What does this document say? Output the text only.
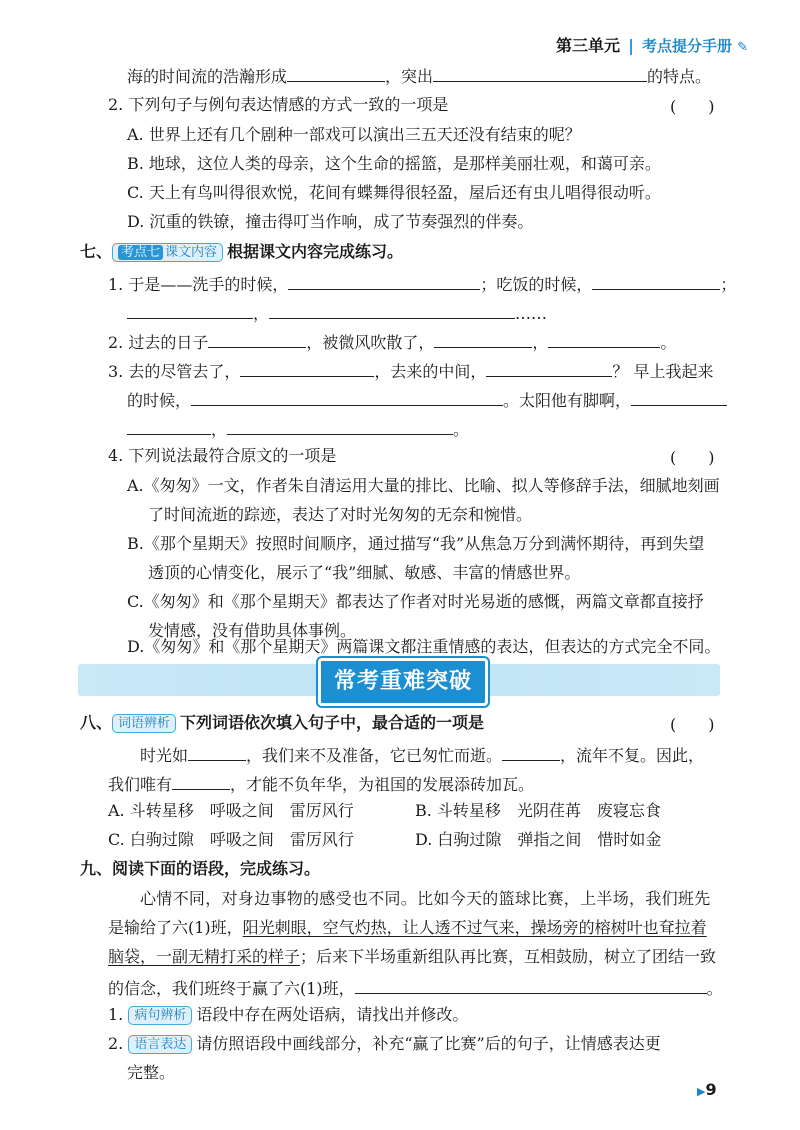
第三单元 | 考点提分手册 ✎
海的时间流的浩瀚形成	，突出	的特点。
2. 下列句子与例句表达情感的方式一致的一项是	(　　)
A. 世界上还有几个剧种一部戏可以演出三五天还没有结束的呢？
B. 地球，这位人类的母亲，这个生命的摇篮，是那样美丽壮观，和蔼可亲。
C. 天上有鸟叫得很欢悦，花间有蝶舞得很轻盈，屋后还有虫儿唱得很动听。
D. 沉重的铁镣，撞击得叮当作响，成了节奏强烈的伴奏。
七、 考点七 课文内容 根据课文内容完成练习。
1. 于是——洗手的时候，	；吃饭的时候，	；
，	……
2. 过去的日子	，被微风吹散了，	，	。
3. 去的尽管去了，	，去来的中间，	？ 早上我起来
的时候，	。太阳他有脚啊，
，	。
4. 下列说法最符合原文的一项是	(　　)
A.《匆匆》一文，作者朱自清运用大量的排比、比喻、拟人等修辞手法，细腻地刻画
了时间流逝的踪迹，表达了对时光匆匆的无奈和惋惜。
B.《那个星期天》按照时间顺序，通过描写“我”从焦急万分到满怀期待，再到失望
透顶的心情变化，展示了“我”细腻、敏感、丰富的情感世界。
C.《匆匆》和《那个星期天》都表达了作者对时光易逝的感慨，两篇文章都直接抒
发情感，没有借助具体事例。
D.《匆匆》和《那个星期天》两篇课文都注重情感的表达，但表达的方式完全不同。
常考重难突破
八、 词语辨析 下列词语依次填入句子中，最合适的一项是	(　　)
时光如	，我们来不及准备，它已匆忙而逝。	，流年不复。因此，
我们唯有	，才能不负年华，为祖国的发展添砖加瓦。
A. 斗转星移　呼吸之间　雷厉风行	B. 斗转星移　光阴荏苒　废寝忘食
C. 白驹过隙　呼吸之间　雷厉风行	D. 白驹过隙　弹指之间　惜时如金
九、阅读下面的语段，完成练习。
心情不同，对身边事物的感受也不同。比如今天的篮球比赛，上半场，我们班先
是输给了六(1)班，阳光刺眼，空气灼热，让人透不过气来，操场旁的榕树叶也耷拉着
脑袋，一副无精打采的样子；后来下半场重新组队再比赛，互相鼓励，树立了团结一致
的信念，我们班终于赢了六(1)班，	。
1. 病句辨析 语段中存在两处语病，请找出并修改。
2. 语言表达 请仿照语段中画线部分，补充“赢了比赛”后的句子，让情感表达更
完整。
▶9
